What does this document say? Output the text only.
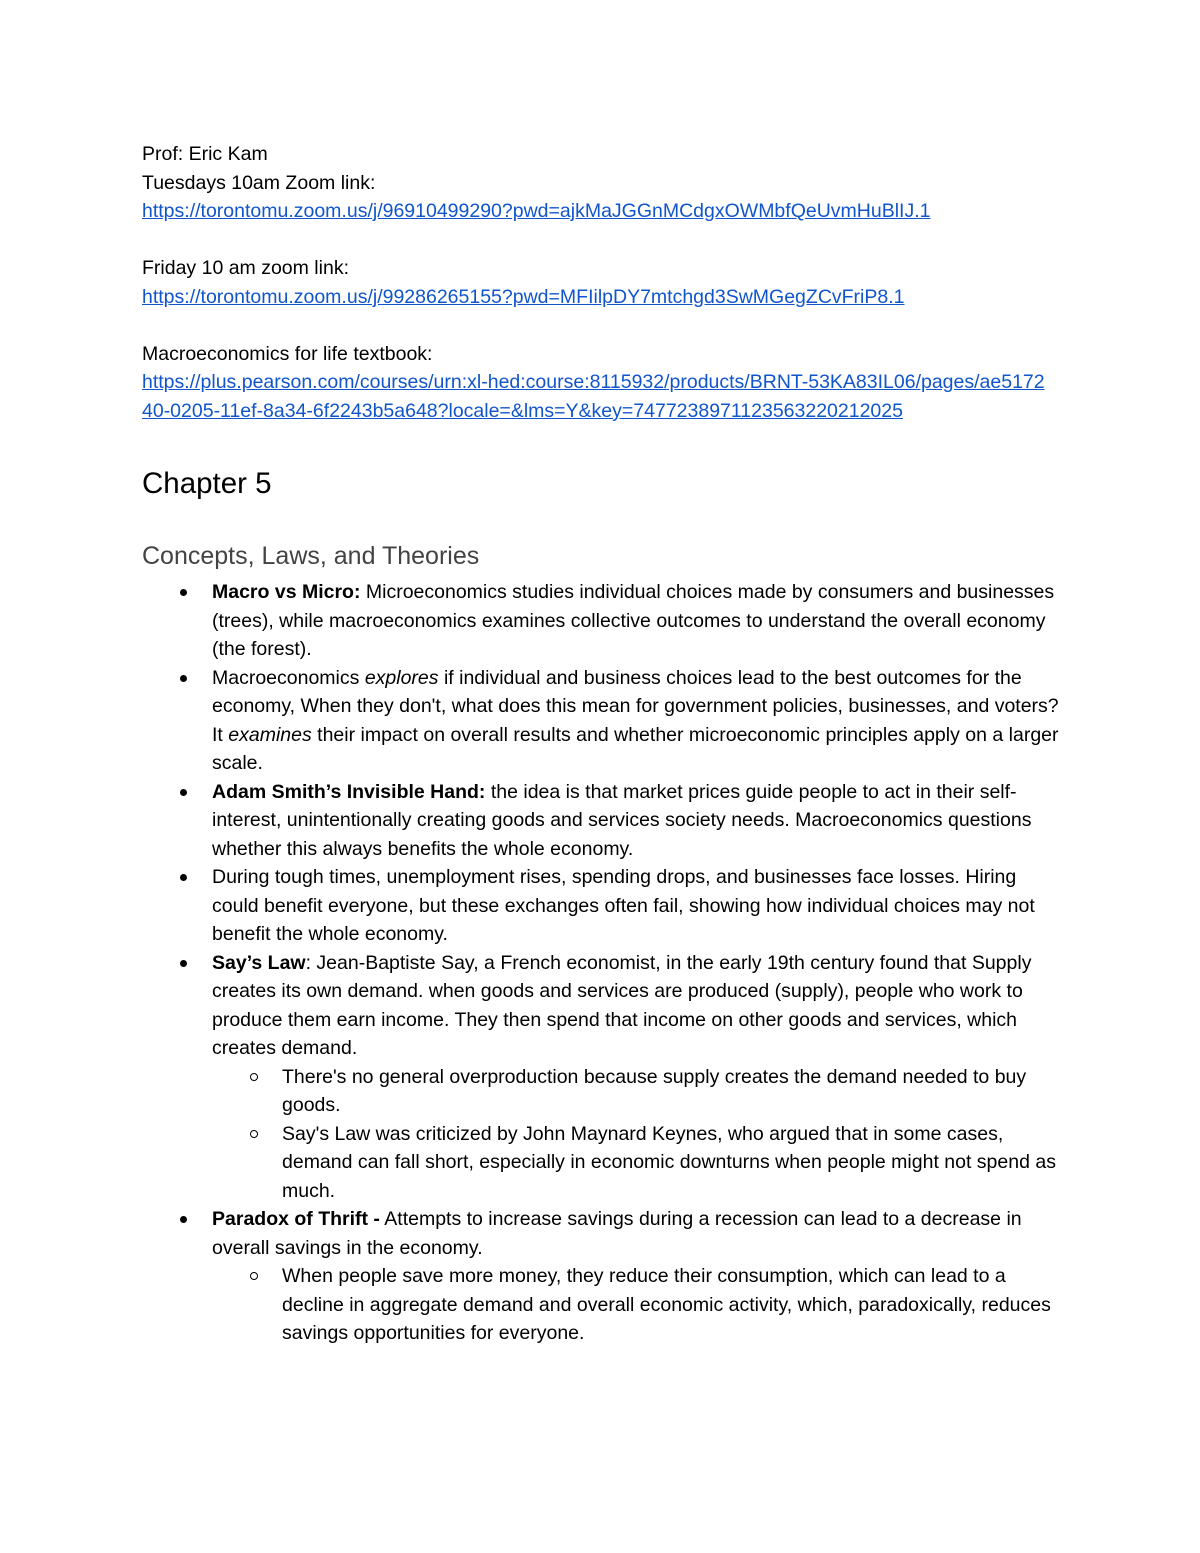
Prof: Eric Kam

Tuesdays 10am Zoom link:

https://torontomu.zoom.us/j/96910499290?pwd=ajkMaJGGnMCdgxOWMbfQeUvmHuBlIJ.1

Friday 10 am zoom link:

https://torontomu.zoom.us/j/99286265155?pwd=MFIilpDY7mtchgd3SwMGegZCvFriP8.1

Macroeconomics for life textbook:

https://plus.pearson.com/courses/urn:xl-hed:course:8115932/products/BRNT-53KA83IL06/pages/ae517240-0205-11ef-8a34-6f2243b5a648?locale=&lms=Y&key=7477238971123563220212025
Chapter 5
Concepts, Laws, and Theories
Macro vs Micro: Microeconomics studies individual choices made by consumers and businesses (trees), while macroeconomics examines collective outcomes to understand the overall economy (the forest).
Macroeconomics explores if individual and business choices lead to the best outcomes for the economy, When they don't, what does this mean for government policies, businesses, and voters? It examines their impact on overall results and whether microeconomic principles apply on a larger scale.
Adam Smith’s Invisible Hand: the idea is that market prices guide people to act in their self-interest, unintentionally creating goods and services society needs. Macroeconomics questions whether this always benefits the whole economy.
During tough times, unemployment rises, spending drops, and businesses face losses. Hiring could benefit everyone, but these exchanges often fail, showing how individual choices may not benefit the whole economy.
Say’s Law: Jean-Baptiste Say, a French economist, in the early 19th century found that Supply creates its own demand. when goods and services are produced (supply), people who work to produce them earn income. They then spend that income on other goods and services, which creates demand.
There's no general overproduction because supply creates the demand needed to buy goods.
Say's Law was criticized by John Maynard Keynes, who argued that in some cases, demand can fall short, especially in economic downturns when people might not spend as much.
Paradox of Thrift - Attempts to increase savings during a recession can lead to a decrease in overall savings in the economy.
When people save more money, they reduce their consumption, which can lead to a decline in aggregate demand and overall economic activity, which, paradoxically, reduces savings opportunities for everyone.
